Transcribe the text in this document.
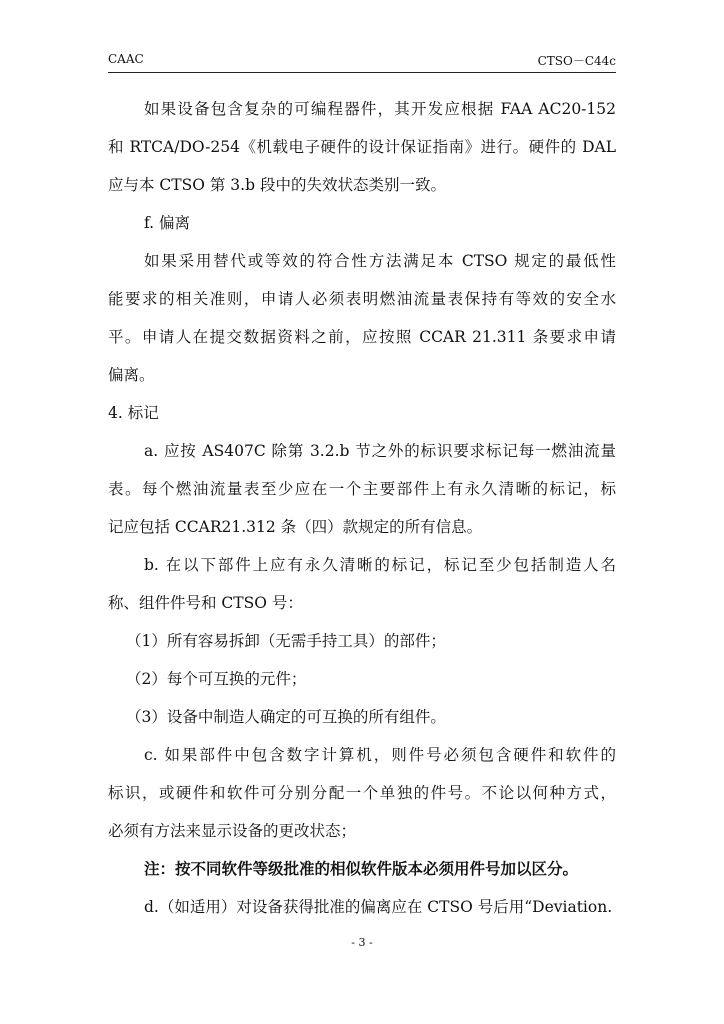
CAAC	CTSO－C44c
如果设备包含复杂的可编程器件，其开发应根据 FAA AC20-152
和 RTCA/DO-254《机载电子硬件的设计保证指南》进行。硬件的 DAL
应与本 CTSO 第 3.b 段中的失效状态类别一致。
f. 偏离
如果采用替代或等效的符合性方法满足本 CTSO 规定的最低性
能要求的相关准则，申请人必须表明燃油流量表保持有等效的安全水
平。申请人在提交数据资料之前，应按照 CCAR 21.311 条要求申请
偏离。
4. 标记
a. 应按 AS407C 除第 3.2.b 节之外的标识要求标记每一燃油流量
表。每个燃油流量表至少应在一个主要部件上有永久清晰的标记，标
记应包括 CCAR21.312 条（四）款规定的所有信息。
b. 在以下部件上应有永久清晰的标记，标记至少包括制造人名
称、组件件号和 CTSO 号：
（1）所有容易拆卸（无需手持工具）的部件；
（2）每个可互换的元件；
（3）设备中制造人确定的可互换的所有组件。
c. 如果部件中包含数字计算机，则件号必须包含硬件和软件的
标识，或硬件和软件可分别分配一个单独的件号。不论以何种方式，
必须有方法来显示设备的更改状态；
注：按不同软件等级批准的相似软件版本必须用件号加以区分。
d.（如适用）对设备获得批准的偏离应在 CTSO 号后用“Deviation.
- 3 -
